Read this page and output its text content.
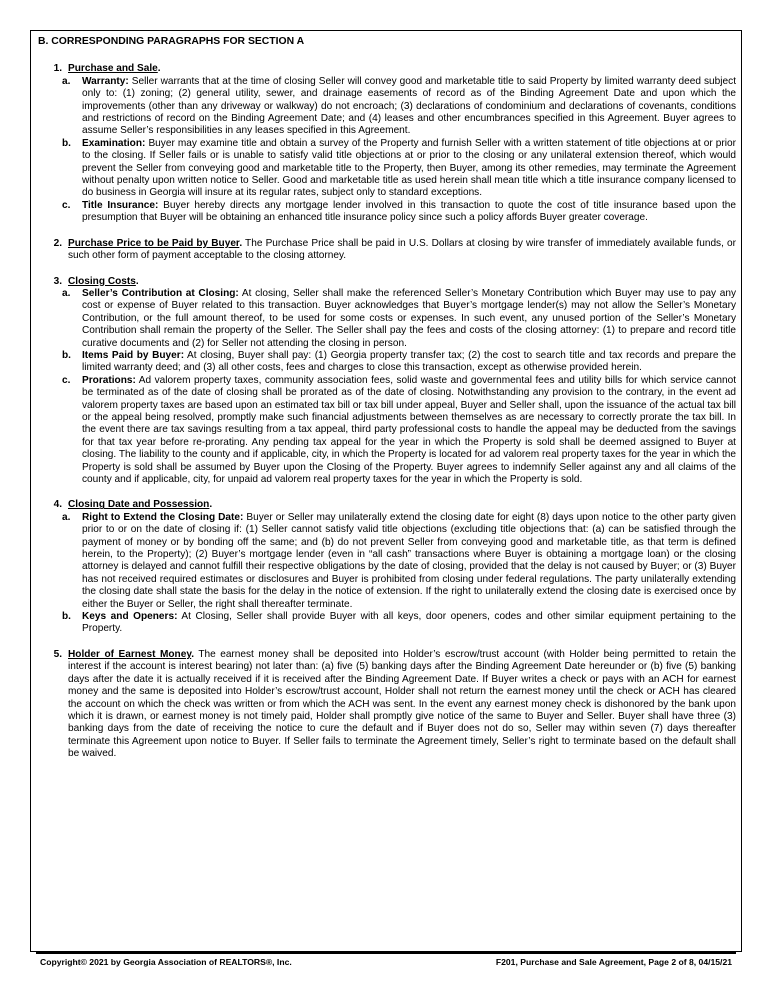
B. CORRESPONDING PARAGRAPHS FOR SECTION A
1. Purchase and Sale.
a.	Warranty: Seller warrants that at the time of closing Seller will convey good and marketable title to said Property by limited warranty deed subject only to: (1) zoning; (2) general utility, sewer, and drainage easements of record as of the Binding Agreement Date and upon which the improvements (other than any driveway or walkway) do not encroach; (3) declarations of condominium and declarations of covenants, conditions and restrictions of record on the Binding Agreement Date; and (4) leases and other encumbrances specified in this Agreement. Buyer agrees to assume Seller’s responsibilities in any leases specified in this Agreement.
b.	Examination: Buyer may examine title and obtain a survey of the Property and furnish Seller with a written statement of title objections at or prior to the closing. If Seller fails or is unable to satisfy valid title objections at or prior to the closing or any unilateral extension thereof, which would prevent the Seller from conveying good and marketable title to the Property, then Buyer, among its other remedies, may terminate the Agreement without penalty upon written notice to Seller. Good and marketable title as used herein shall mean title which a title insurance company licensed to do business in Georgia will insure at its regular rates, subject only to standard exceptions.
c.	Title Insurance: Buyer hereby directs any mortgage lender involved in this transaction to quote the cost of title insurance based upon the presumption that Buyer will be obtaining an enhanced title insurance policy since such a policy affords Buyer greater coverage.
2. Purchase Price to be Paid by Buyer. The Purchase Price shall be paid in U.S. Dollars at closing by wire transfer of immediately available funds, or such other form of payment acceptable to the closing attorney.
3. Closing Costs.
a.	Seller’s Contribution at Closing: At closing, Seller shall make the referenced Seller’s Monetary Contribution which Buyer may use to pay any cost or expense of Buyer related to this transaction. Buyer acknowledges that Buyer’s mortgage lender(s) may not allow the Seller’s Monetary Contribution, or the full amount thereof, to be used for some costs or expenses. In such event, any unused portion of the Seller’s Monetary Contribution shall remain the property of the Seller. The Seller shall pay the fees and costs of the closing attorney: (1) to prepare and record title curative documents and (2) for Seller not attending the closing in person.
b.	Items Paid by Buyer: At closing, Buyer shall pay: (1) Georgia property transfer tax; (2) the cost to search title and tax records and prepare the limited warranty deed; and (3) all other costs, fees and charges to close this transaction, except as otherwise provided herein.
c.	Prorations: Ad valorem property taxes, community association fees, solid waste and governmental fees and utility bills for which service cannot be terminated as of the date of closing shall be prorated as of the date of closing. Notwithstanding any provision to the contrary, in the event ad valorem property taxes are based upon an estimated tax bill or tax bill under appeal, Buyer and Seller shall, upon the issuance of the actual tax bill or the appeal being resolved, promptly make such financial adjustments between themselves as are necessary to correctly prorate the tax bill. In the event there are tax savings resulting from a tax appeal, third party professional costs to handle the appeal may be deducted from the savings for that tax year before re-prorating. Any pending tax appeal for the year in which the Property is sold shall be deemed assigned to Buyer at closing. The liability to the county and if applicable, city, in which the Property is located for ad valorem real property taxes for the year in which the Property is sold shall be assumed by Buyer upon the Closing of the Property. Buyer agrees to indemnify Seller against any and all claims of the county and if applicable, city, for unpaid ad valorem real property taxes for the year in which the Property is sold.
4. Closing Date and Possession.
a.	Right to Extend the Closing Date: Buyer or Seller may unilaterally extend the closing date for eight (8) days upon notice to the other party given prior to or on the date of closing if: (1) Seller cannot satisfy valid title objections (excluding title objections that: (a) can be satisfied through the payment of money or by bonding off the same; and (b) do not prevent Seller from conveying good and marketable title, as that term is defined herein, to the Property); (2) Buyer’s mortgage lender (even in “all cash” transactions where Buyer is obtaining a mortgage loan) or the closing attorney is delayed and cannot fulfill their respective obligations by the date of closing, provided that the delay is not caused by Buyer; or (3) Buyer has not received required estimates or disclosures and Buyer is prohibited from closing under federal regulations. The party unilaterally extending the closing date shall state the basis for the delay in the notice of extension. If the right to unilaterally extend the closing date is exercised once by either the Buyer or Seller, the right shall thereafter terminate.
b.	Keys and Openers: At Closing, Seller shall provide Buyer with all keys, door openers, codes and other similar equipment pertaining to the Property.
5. Holder of Earnest Money. The earnest money shall be deposited into Holder’s escrow/trust account (with Holder being permitted to retain the interest if the account is interest bearing) not later than: (a) five (5) banking days after the Binding Agreement Date hereunder or (b) five (5) banking days after the date it is actually received if it is received after the Binding Agreement Date. If Buyer writes a check or pays with an ACH for earnest money and the same is deposited into Holder’s escrow/trust account, Holder shall not return the earnest money until the check or ACH has cleared the account on which the check was written or from which the ACH was sent. In the event any earnest money check is dishonored by the bank upon which it is drawn, or earnest money is not timely paid, Holder shall promptly give notice of the same to Buyer and Seller. Buyer shall have three (3) banking days from the date of receiving the notice to cure the default and if Buyer does not do so, Seller may within seven (7) days thereafter terminate this Agreement upon notice to Buyer. If Seller fails to terminate the Agreement timely, Seller’s right to terminate based on the default shall be waived.
Copyright© 2021 by Georgia Association of REALTORS®, Inc.	F201, Purchase and Sale Agreement, Page 2 of 8, 04/15/21
